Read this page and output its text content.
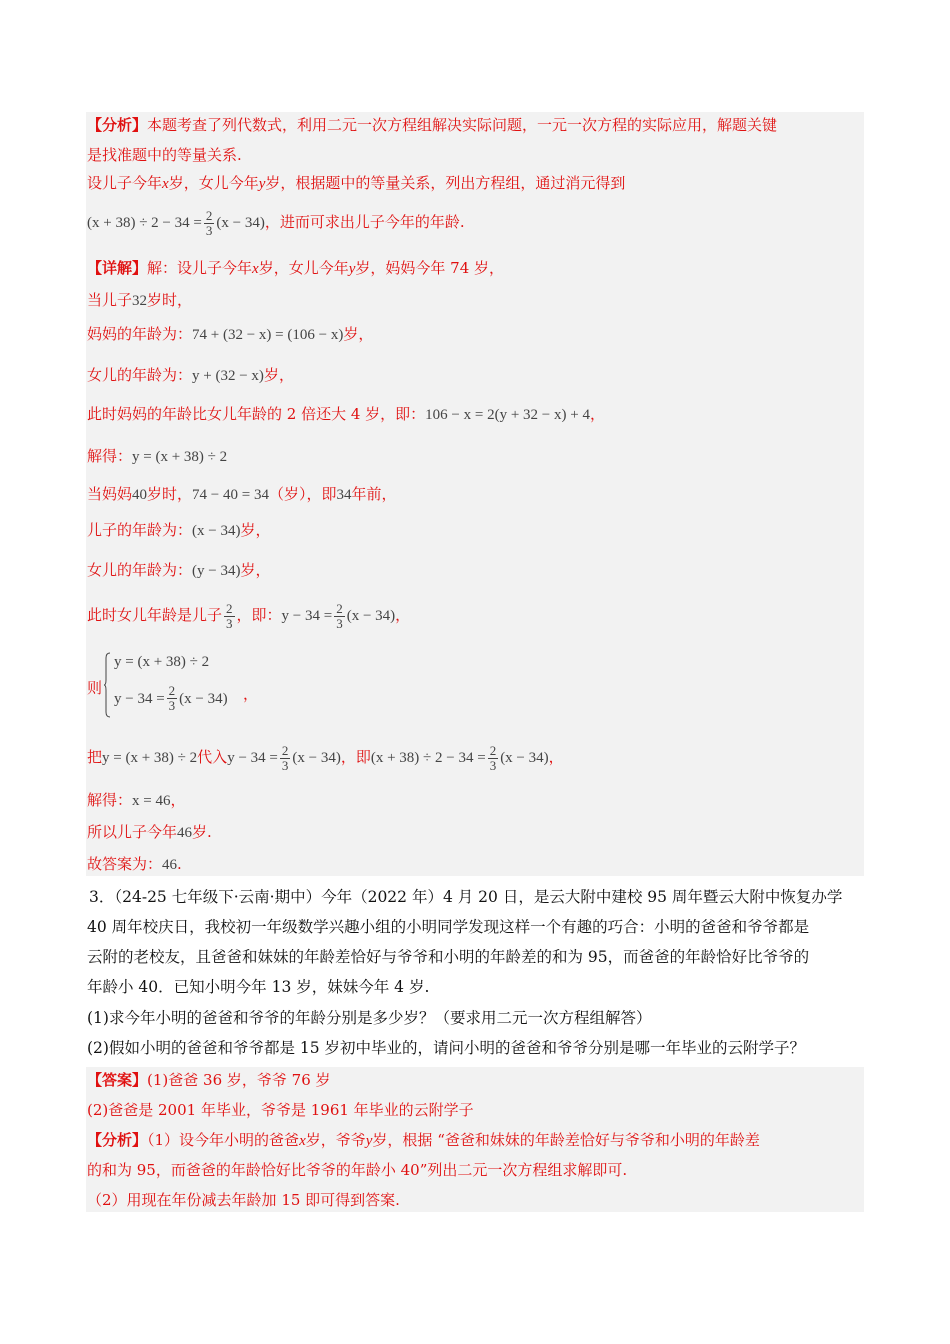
【分析】本题考查了列代数式，利用二元一次方程组解决实际问题，一元一次方程的实际应用，解题关键
是找准题中的等量关系.
设儿子今年x岁，女儿今年y岁，根据题中的等量关系，列出方程组，通过消元得到
$(x + 38) \div 2 - 34 = \frac{2}{3} (x - 34)$，进而可求出儿子今年的年龄.
【详解】解：设儿子今年x岁，女儿今年y岁，妈妈今年 74 岁，
当儿子32岁时，
妈妈的年龄为：74 + (32 − x) = (106 − x)岁，
女儿的年龄为：y + (32 − x)岁，
此时妈妈的年龄比女儿年龄的 2 倍还大 4 岁，即：106 − x = 2(y + 32 − x) + 4，
解得：y = (x + 38) ÷ 2
当妈妈40岁时，74 − 40 = 34（岁），即34年前，
儿子的年龄为：(x − 34)岁，
女儿的年龄为：(y − 34)岁，
此时女儿年龄是儿子 $\frac{2}{3}$ ，即：$y - 34 = \frac{2}{3} (x - 34)$，
则
y = (x + 38) ÷ 2
$y - 34 = \frac{2}{3} (x - 34)$ ，
把y = (x + 38) ÷ 2代入$y - 34 = \frac{2}{3} (x - 34)$，即$(x + 38) \div 2 - 34 = \frac{2}{3} (x - 34)$，
解得：x = 46，
所以儿子今年46岁.
故答案为：46.
3．（24-25 七年级下·云南·期中）今年（2022 年）4 月 20 日，是云大附中建校 95 周年暨云大附中恢复办学
40 周年校庆日，我校初一年级数学兴趣小组的小明同学发现这样一个有趣的巧合：小明的爸爸和爷爷都是
云附的老校友，且爸爸和妹妹的年龄差恰好与爷爷和小明的年龄差的和为 95，而爸爸的年龄恰好比爷爷的
年龄小 40．已知小明今年 13 岁，妹妹今年 4 岁.
(1)求今年小明的爸爸和爷爷的年龄分别是多少岁？（要求用二元一次方程组解答）
(2)假如小明的爸爸和爷爷都是 15 岁初中毕业的，请问小明的爸爸和爷爷分别是哪一年毕业的云附学子？
【答案】(1)爸爸 36 岁，爷爷 76 岁
(2)爸爸是 2001 年毕业，爷爷是 1961 年毕业的云附学子
【分析】（1）设今年小明的爸爸x岁，爷爷y岁，根据 “爸爸和妹妹的年龄差恰好与爷爷和小明的年龄差
的和为 95，而爸爸的年龄恰好比爷爷的年龄小 40”列出二元一次方程组求解即可.
（2）用现在年份减去年龄加 15 即可得到答案.
